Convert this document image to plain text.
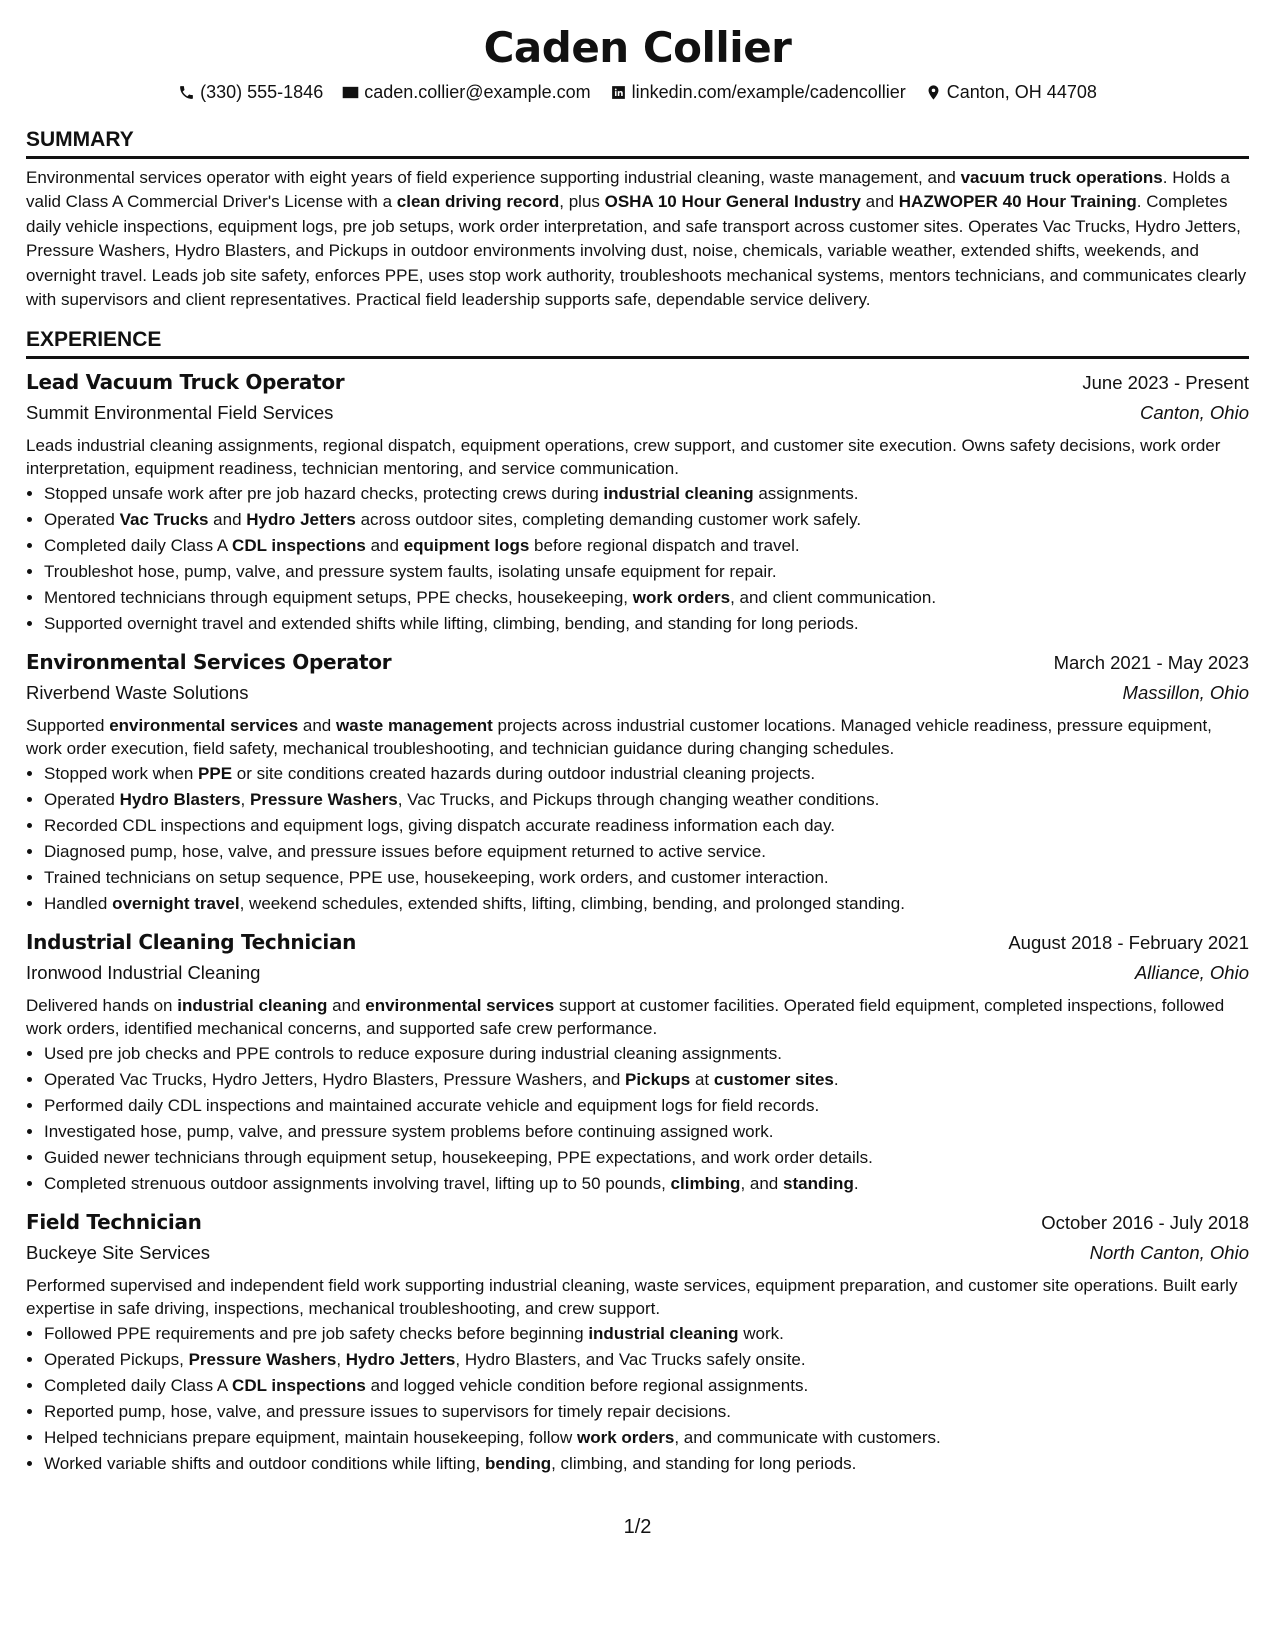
Caden Collier
(330) 555-1846
caden.collier@example.com
linkedin.com/example/cadencollier
Canton, OH 44708
SUMMARY

Environmental services operator with eight years of field experience supporting industrial cleaning, waste management, and vacuum truck operations. Holds a valid Class A Commercial Driver's License with a clean driving record, plus OSHA 10 Hour General Industry and HAZWOPER 40 Hour Training. Completes daily vehicle inspections, equipment logs, pre job setups, work order interpretation, and safe transport across customer sites. Operates Vac Trucks, Hydro Jetters, Pressure Washers, Hydro Blasters, and Pickups in outdoor environments involving dust, noise, chemicals, variable weather, extended shifts, weekends, and overnight travel. Leads job site safety, enforces PPE, uses stop work authority, troubleshoots mechanical systems, mentors technicians, and communicates clearly with supervisors and client representatives. Practical field leadership supports safe, dependable service delivery.

EXPERIENCE
Lead Vacuum Truck Operator	June 2023 - Present
Summit Environmental Field Services	Canton, Ohio

Leads industrial cleaning assignments, regional dispatch, equipment operations, crew support, and customer site execution. Owns safety decisions, work order interpretation, equipment readiness, technician mentoring, and service communication.

• Stopped unsafe work after pre job hazard checks, protecting crews during industrial cleaning assignments.
• Operated Vac Trucks and Hydro Jetters across outdoor sites, completing demanding customer work safely.
• Completed daily Class A CDL inspections and equipment logs before regional dispatch and travel.
• Troubleshot hose, pump, valve, and pressure system faults, isolating unsafe equipment for repair.
• Mentored technicians through equipment setups, PPE checks, housekeeping, work orders, and client communication.
• Supported overnight travel and extended shifts while lifting, climbing, bending, and standing for long periods.
Environmental Services Operator	March 2021 - May 2023
Riverbend Waste Solutions	Massillon, Ohio

Supported environmental services and waste management projects across industrial customer locations. Managed vehicle readiness, pressure equipment, work order execution, field safety, mechanical troubleshooting, and technician guidance during changing schedules.

• Stopped work when PPE or site conditions created hazards during outdoor industrial cleaning projects.
• Operated Hydro Blasters, Pressure Washers, Vac Trucks, and Pickups through changing weather conditions.
• Recorded CDL inspections and equipment logs, giving dispatch accurate readiness information each day.
• Diagnosed pump, hose, valve, and pressure issues before equipment returned to active service.
• Trained technicians on setup sequence, PPE use, housekeeping, work orders, and customer interaction.
• Handled overnight travel, weekend schedules, extended shifts, lifting, climbing, bending, and prolonged standing.
Industrial Cleaning Technician	August 2018 - February 2021
Ironwood Industrial Cleaning	Alliance, Ohio

Delivered hands on industrial cleaning and environmental services support at customer facilities. Operated field equipment, completed inspections, followed work orders, identified mechanical concerns, and supported safe crew performance.

• Used pre job checks and PPE controls to reduce exposure during industrial cleaning assignments.
• Operated Vac Trucks, Hydro Jetters, Hydro Blasters, Pressure Washers, and Pickups at customer sites.
• Performed daily CDL inspections and maintained accurate vehicle and equipment logs for field records.
• Investigated hose, pump, valve, and pressure system problems before continuing assigned work.
• Guided newer technicians through equipment setup, housekeeping, PPE expectations, and work order details.
• Completed strenuous outdoor assignments involving travel, lifting up to 50 pounds, climbing, and standing.
Field Technician	October 2016 - July 2018
Buckeye Site Services	North Canton, Ohio

Performed supervised and independent field work supporting industrial cleaning, waste services, equipment preparation, and customer site operations. Built early expertise in safe driving, inspections, mechanical troubleshooting, and crew support.

• Followed PPE requirements and pre job safety checks before beginning industrial cleaning work.
• Operated Pickups, Pressure Washers, Hydro Jetters, Hydro Blasters, and Vac Trucks safely onsite.
• Completed daily Class A CDL inspections and logged vehicle condition before regional assignments.
• Reported pump, hose, valve, and pressure issues to supervisors for timely repair decisions.
• Helped technicians prepare equipment, maintain housekeeping, follow work orders, and communicate with customers.
• Worked variable shifts and outdoor conditions while lifting, bending, climbing, and standing for long periods.
1/2
